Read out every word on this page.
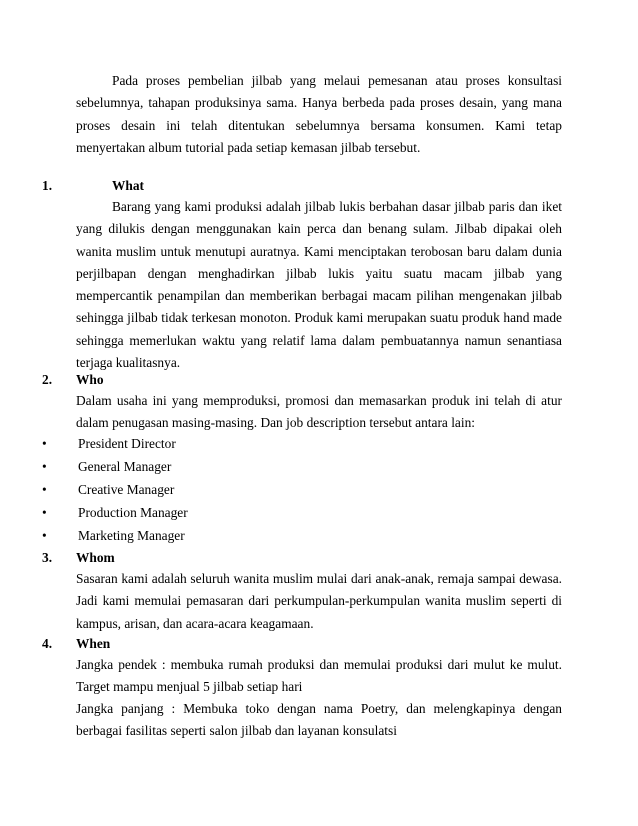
Pada proses pembelian jilbab yang melaui pemesanan atau proses konsultasi sebelumnya, tahapan produksinya sama. Hanya berbeda pada proses desain, yang mana proses desain ini telah ditentukan sebelumnya bersama konsumen. Kami tetap menyertakan album tutorial pada setiap kemasan jilbab tersebut.

1.	What

Barang yang kami produksi adalah jilbab lukis berbahan dasar jilbab paris dan iket yang dilukis dengan menggunakan kain perca dan benang sulam. Jilbab dipakai oleh wanita muslim untuk menutupi auratnya. Kami menciptakan terobosan baru dalam dunia perjilbapan dengan menghadirkan jilbab lukis yaitu suatu macam jilbab yang mempercantik penampilan dan memberikan berbagai macam pilihan mengenakan jilbab sehingga jilbab tidak terkesan monoton. Produk kami merupakan suatu produk hand made sehingga memerlukan waktu yang relatif lama dalam pembuatannya namun senantiasa terjaga kualitasnya.

2. Who

Dalam usaha ini yang memproduksi, promosi dan memasarkan produk ini telah di atur dalam penugasan masing-masing. Dan job description tersebut antara lain:

•	President Director
•	General Manager
•	Creative Manager
•	Production Manager
•	Marketing Manager
3. Whom

Sasaran kami adalah seluruh wanita muslim mulai dari anak-anak, remaja sampai dewasa. Jadi kami memulai pemasaran dari perkumpulan-perkumpulan wanita muslim seperti di kampus, arisan, dan acara-acara keagamaan.

4. When

Jangka pendek : membuka rumah produksi dan memulai produksi dari mulut ke mulut. Target mampu menjual 5 jilbab setiap hari

Jangka panjang : Membuka toko dengan nama Poetry, dan melengkapinya dengan berbagai fasilitas seperti salon jilbab dan layanan konsulatsi
